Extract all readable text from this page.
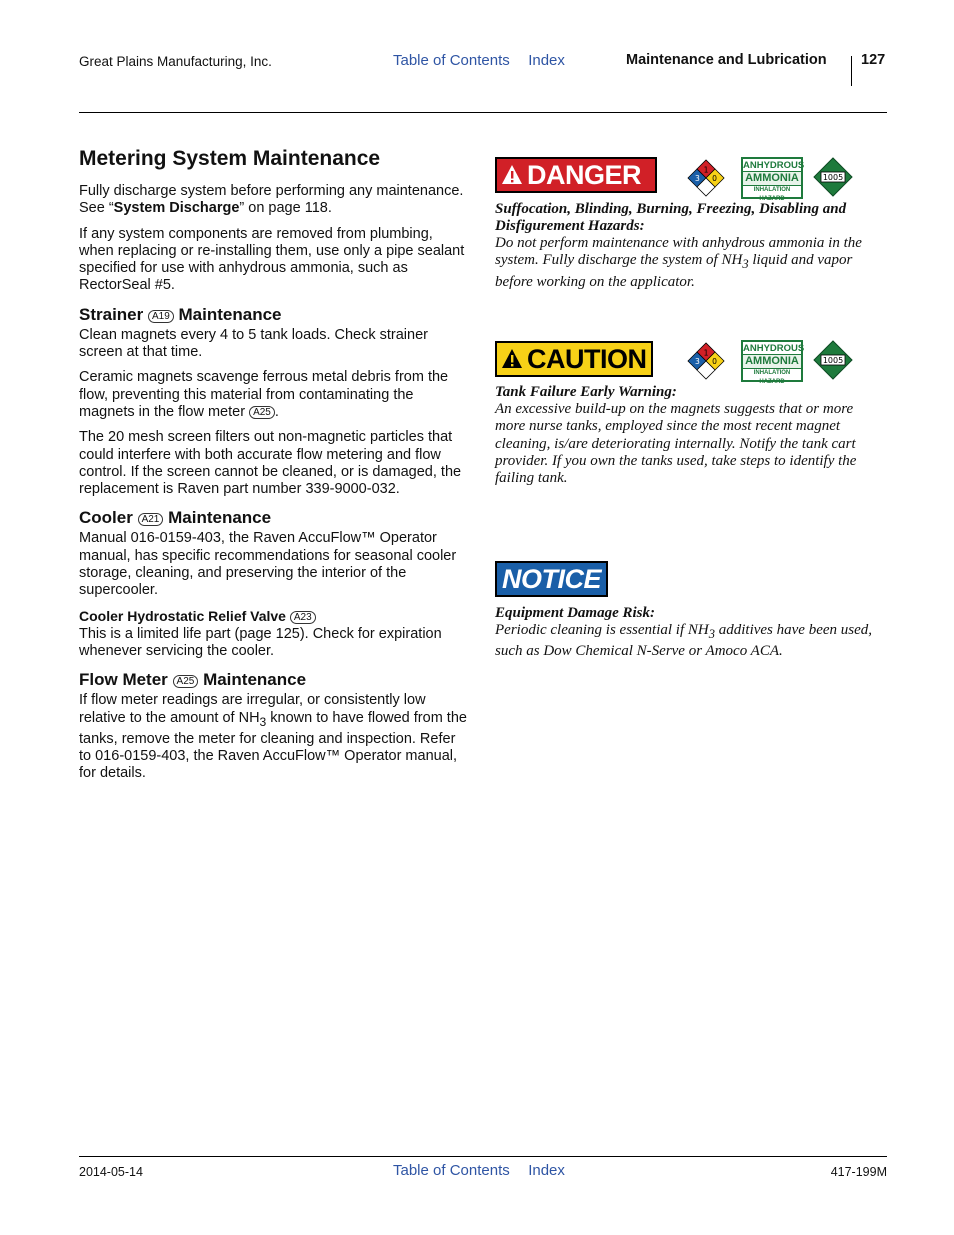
Great Plains Manufacturing, Inc.	Table of Contents Index	Maintenance and Lubrication 127
Metering System Maintenance

Fully discharge system before performing any maintenance. See “System Discharge” on page 118.

If any system components are removed from plumbing, when replacing or re-installing them, use only a pipe sealant specified for use with anhydrous ammonia, such as RectorSeal #5.

Strainer A19 Maintenance

Clean magnets every 4 to 5 tank loads. Check strainer screen at that time.

Ceramic magnets scavenge ferrous metal debris from the flow, preventing this material from contaminating the magnets in the flow meter A25 .

The 20 mesh screen filters out non-magnetic particles that could interfere with both accurate flow metering and flow control. If the screen cannot be cleaned, or is damaged, the replacement is Raven part number 339-9000-032.

Cooler A21 Maintenance

Manual 016-0159-403, the Raven AccuFlow™ Operator manual, has specific recommendations for seasonal cooler storage, cleaning, and preserving the interior of the supercooler.

Cooler Hydrostatic Relief Valve A23

This is a limited life part (page 125). Check for expiration whenever servicing the cooler.

Flow Meter A25 Maintenance

If flow meter readings are irregular, or consistently low relative to the amount of $NH_3$ known to have flowed from the tanks, remove the meter for cleaning and inspection. Refer to 016-0159-403, the Raven AccuFlow™ Operator manual, for details.

DANGER	1
3 0
ANHYDROUS
AMMONIA
INHALATION HAZARD
1005
Suffocation, Blinding, Burning, Freezing, Disabling and Disfigurement Hazards:
Do not perform maintenance with anhydrous ammonia in the system. Fully discharge the system of $NH_3$ liquid and vapor before working on the applicator.
CAUTION	1
3 0
ANHYDROUS
AMMONIA
INHALATION HAZARD
1005
Tank Failure Early Warning:
An excessive build-up on the magnets suggests that or more more nurse tanks, employed since the most recent magnet cleaning, is/are deteriorating internally. Notify the tank cart provider. If you own the tanks used, take steps to identify the failing tank.
NOTICE
Equipment Damage Risk:
Periodic cleaning is essential if $NH_3$ additives have been used, such as Dow Chemical N-Serve or Amoco ACA.
2014-05-14	Table of Contents Index	417-199M
